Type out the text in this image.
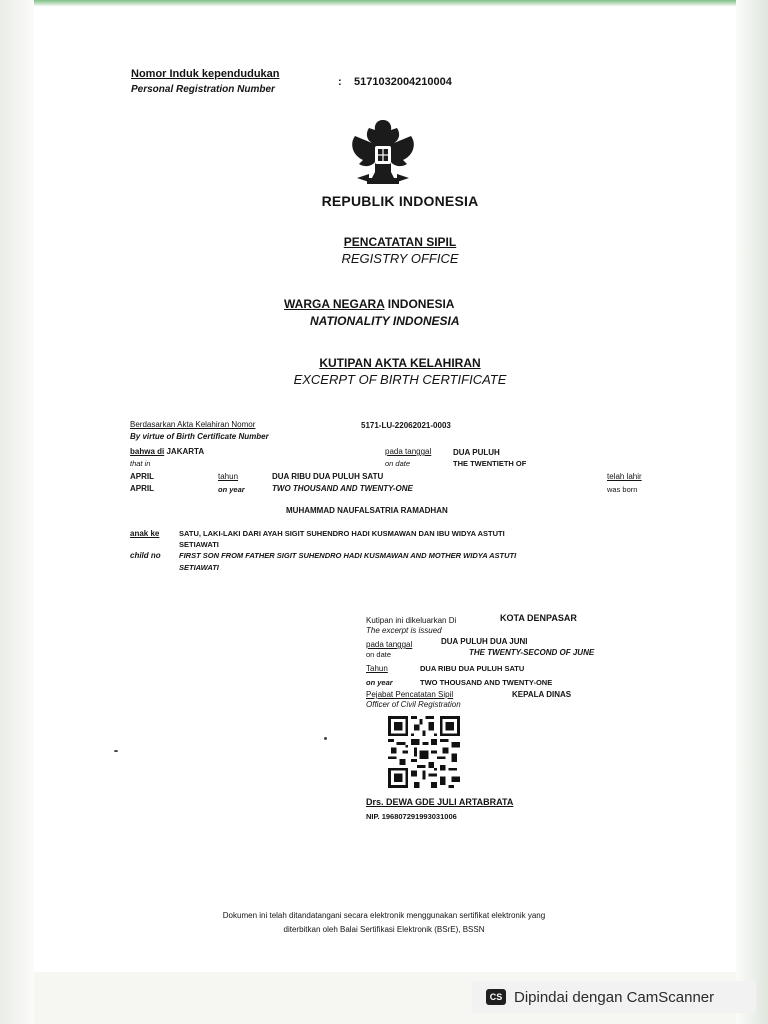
Nomor Induk kependudukan
Personal Registration Number
: 5171032004210004
REPUBLIK INDONESIA
PENCATATAN SIPIL
REGISTRY OFFICE
WARGA NEGARA INDONESIA
NATIONALITY INDONESIA
KUTIPAN AKTA KELAHIRAN
EXCERPT OF BIRTH CERTIFICATE
Berdasarkan Akta Kelahiran Nomor
By virtue of Birth Certificate Number
5171-LU-22062021-0003
bahwa di JAKARTA
that in
pada tanggal	DUA PULUH
on date	THE TWENTIETH OF
APRIL	tahun	DUA RIBU DUA PULUH SATU	telah lahir
APRIL	on year	TWO THOUSAND AND TWENTY-ONE	was born
MUHAMMAD NAUFALSATRIA RAMADHAN
anak ke	SATU, LAKI-LAKI DARI AYAH SIGIT SUHENDRO HADI KUSMAWAN DAN IBU WIDYA ASTUTI
SETIAWATI
child no FIRST SON FROM FATHER SIGIT SUHENDRO HADI KUSMAWAN AND MOTHER WIDYA ASTUTI
SETIAWATI
Kutipan ini dikeluarkan Di	KOTA DENPASAR
The excerpt is issued
pada tanggal	DUA PULUH DUA JUNI
on date	THE TWENTY-SECOND OF JUNE
Tahun	DUA RIBU DUA PULUH SATU
on year	TWO THOUSAND AND TWENTY-ONE
Pejabat Pencatatan Sipil	KEPALA DINAS
Officer of Civil Registration
Drs. DEWA GDE JULI ARTABRATA
NIP. 196807291993031006
Dokumen ini telah ditandatangani secara elektronik menggunakan sertifikat elektronik yang
diterbitkan oleh Balai Sertifikasi Elektronik (BSrE), BSSN
CS Dipindai dengan CamScanner
